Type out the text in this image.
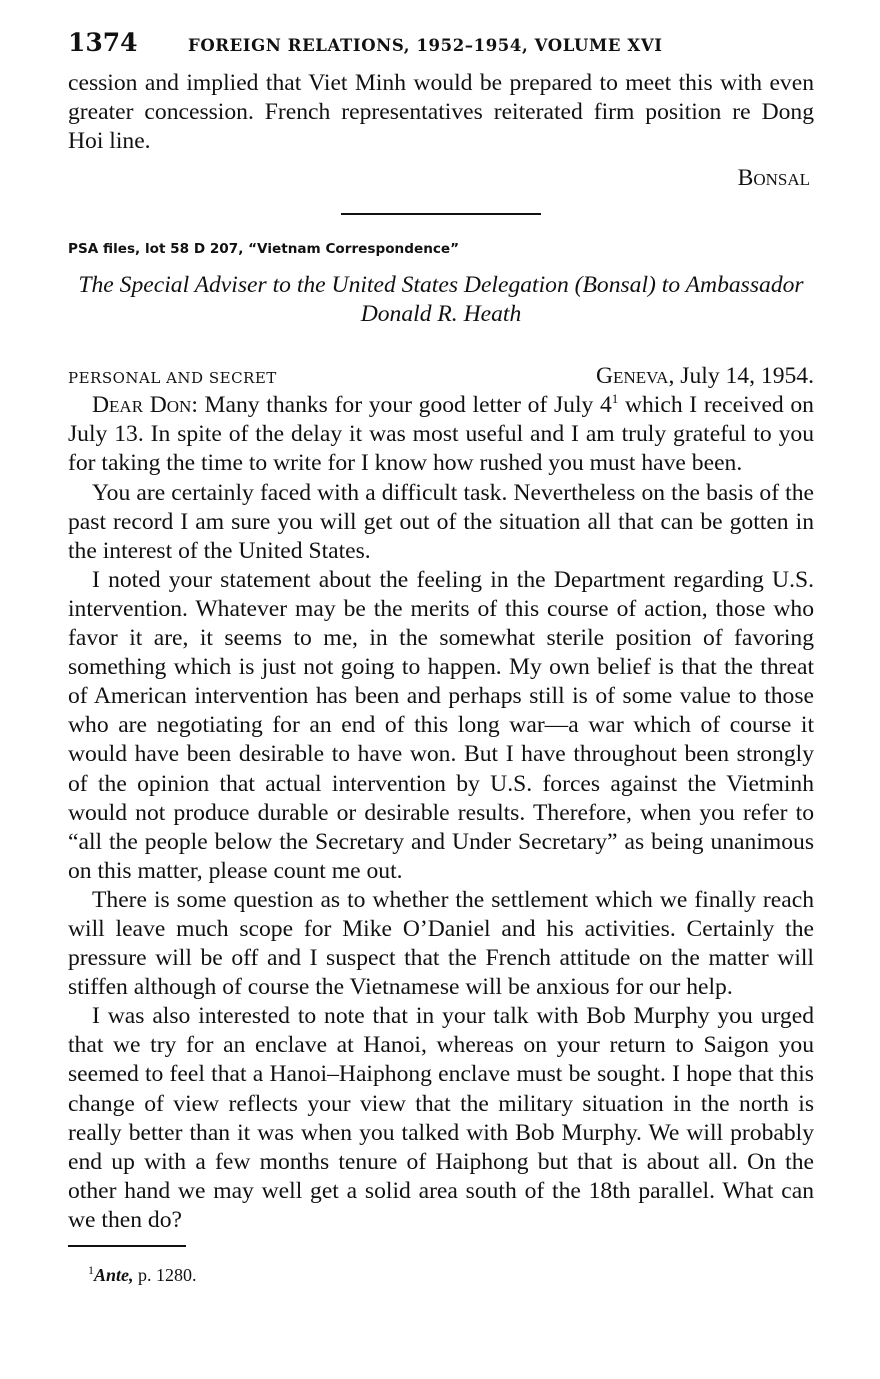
1374	FOREIGN RELATIONS, 1952–1954, VOLUME XVI

cession and implied that Viet Minh would be prepared to meet this with even greater concession. French representatives reiterated firm position re Dong Hoi line.

Bonsal

PSA files, lot 58 D 207, “Vietnam Correspondence”

The Special Adviser to the United States Delegation (Bonsal) to Ambassador Donald R. Heath

PERSONAL AND SECRET	Geneva, July 14, 1954.

Dear Don: Many thanks for your good letter of July $4^1$ which I received on July 13. In spite of the delay it was most useful and I am truly grateful to you for taking the time to write for I know how rushed you must have been.

You are certainly faced with a difficult task. Nevertheless on the basis of the past record I am sure you will get out of the situation all that can be gotten in the interest of the United States.

I noted your statement about the feeling in the Department regarding U.S. intervention. Whatever may be the merits of this course of action, those who favor it are, it seems to me, in the somewhat sterile position of favoring something which is just not going to happen. My own belief is that the threat of American intervention has been and perhaps still is of some value to those who are negotiating for an end of this long war—a war which of course it would have been desirable to have won. But I have throughout been strongly of the opinion that actual intervention by U.S. forces against the Vietminh would not produce durable or desirable results. Therefore, when you refer to “all the people below the Secretary and Under Secretary” as being unanimous on this matter, please count me out.

There is some question as to whether the settlement which we finally reach will leave much scope for Mike O’Daniel and his activities. Certainly the pressure will be off and I suspect that the French attitude on the matter will stiffen although of course the Vietnamese will be anxious for our help.

I was also interested to note that in your talk with Bob Murphy you urged that we try for an enclave at Hanoi, whereas on your return to Saigon you seemed to feel that a Hanoi–Haiphong enclave must be sought. I hope that this change of view reflects your view that the military situation in the north is really better than it was when you talked with Bob Murphy. We will probably end up with a few months tenure of Haiphong but that is about all. On the other hand we may well get a solid area south of the 18th parallel. What can we then do?

$^1$Ante, p. 1280.
